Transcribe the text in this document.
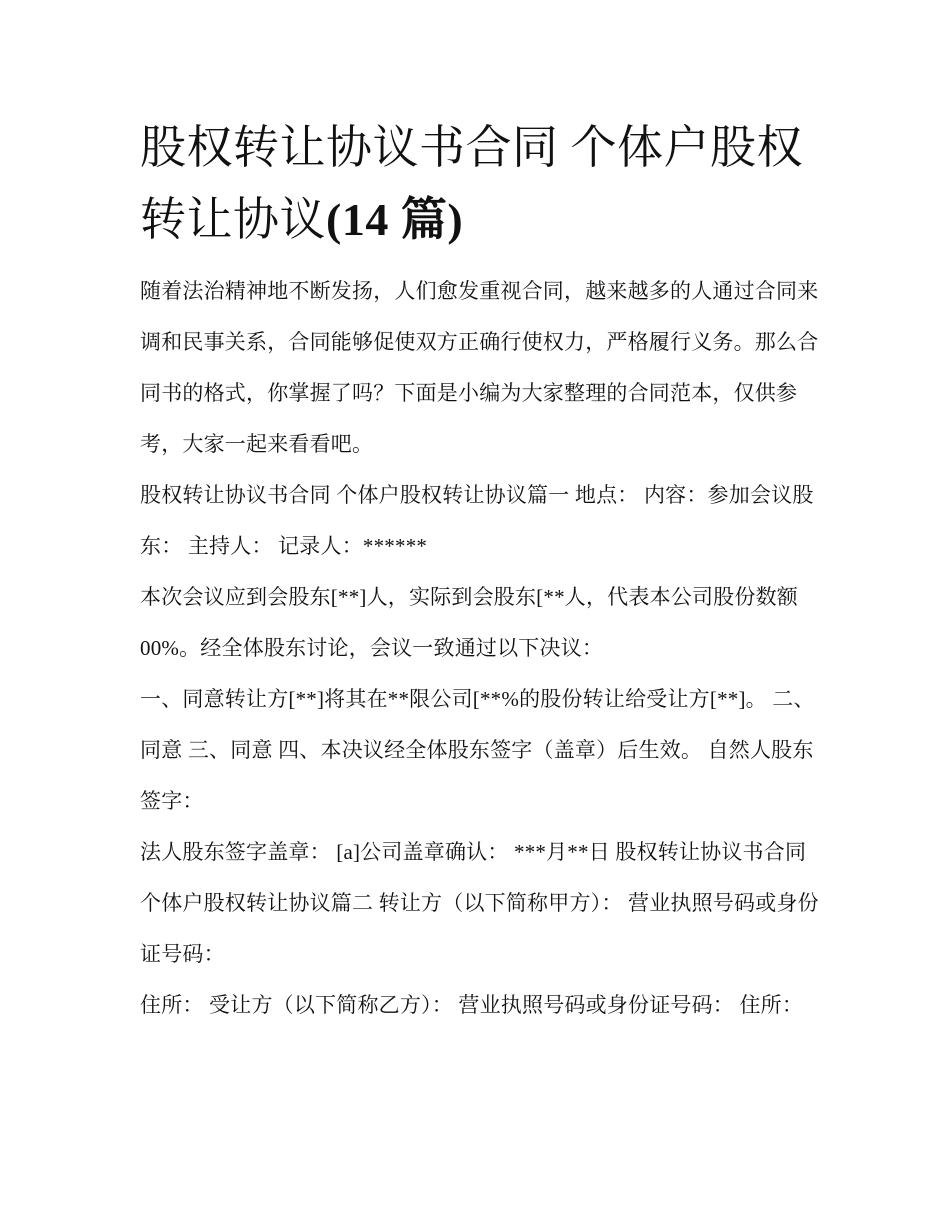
股权转让协议书合同 个体户股权转让协议(14 篇)

随着法治精神地不断发扬，人们愈发重视合同，越来越多的人通过合同来调和民事关系，合同能够促使双方正确行使权力，严格履行义务。那么合同书的格式，你掌握了吗？下面是小编为大家整理的合同范本，仅供参考，大家一起来看看吧。

股权转让协议书合同 个体户股权转让协议篇一 地点： 内容：参加会议股东： 主持人： 记录人：******

本次会议应到会股东[**]人，实际到会股东[**人，代表本公司股份数额 00%。经全体股东讨论，会议一致通过以下决议：

一、同意转让方[**]将其在**限公司[**%的股份转让给受让方[**]。 二、同意 三、同意 四、本决议经全体股东签字（盖章）后生效。 自然人股东签字：

法人股东签字盖章： [a]公司盖章确认： ***月**日 股权转让协议书合同 个体户股权转让协议篇二 转让方（以下简称甲方）： 营业执照号码或身份证号码：

住所： 受让方（以下简称乙方）： 营业执照号码或身份证号码： 住所：
